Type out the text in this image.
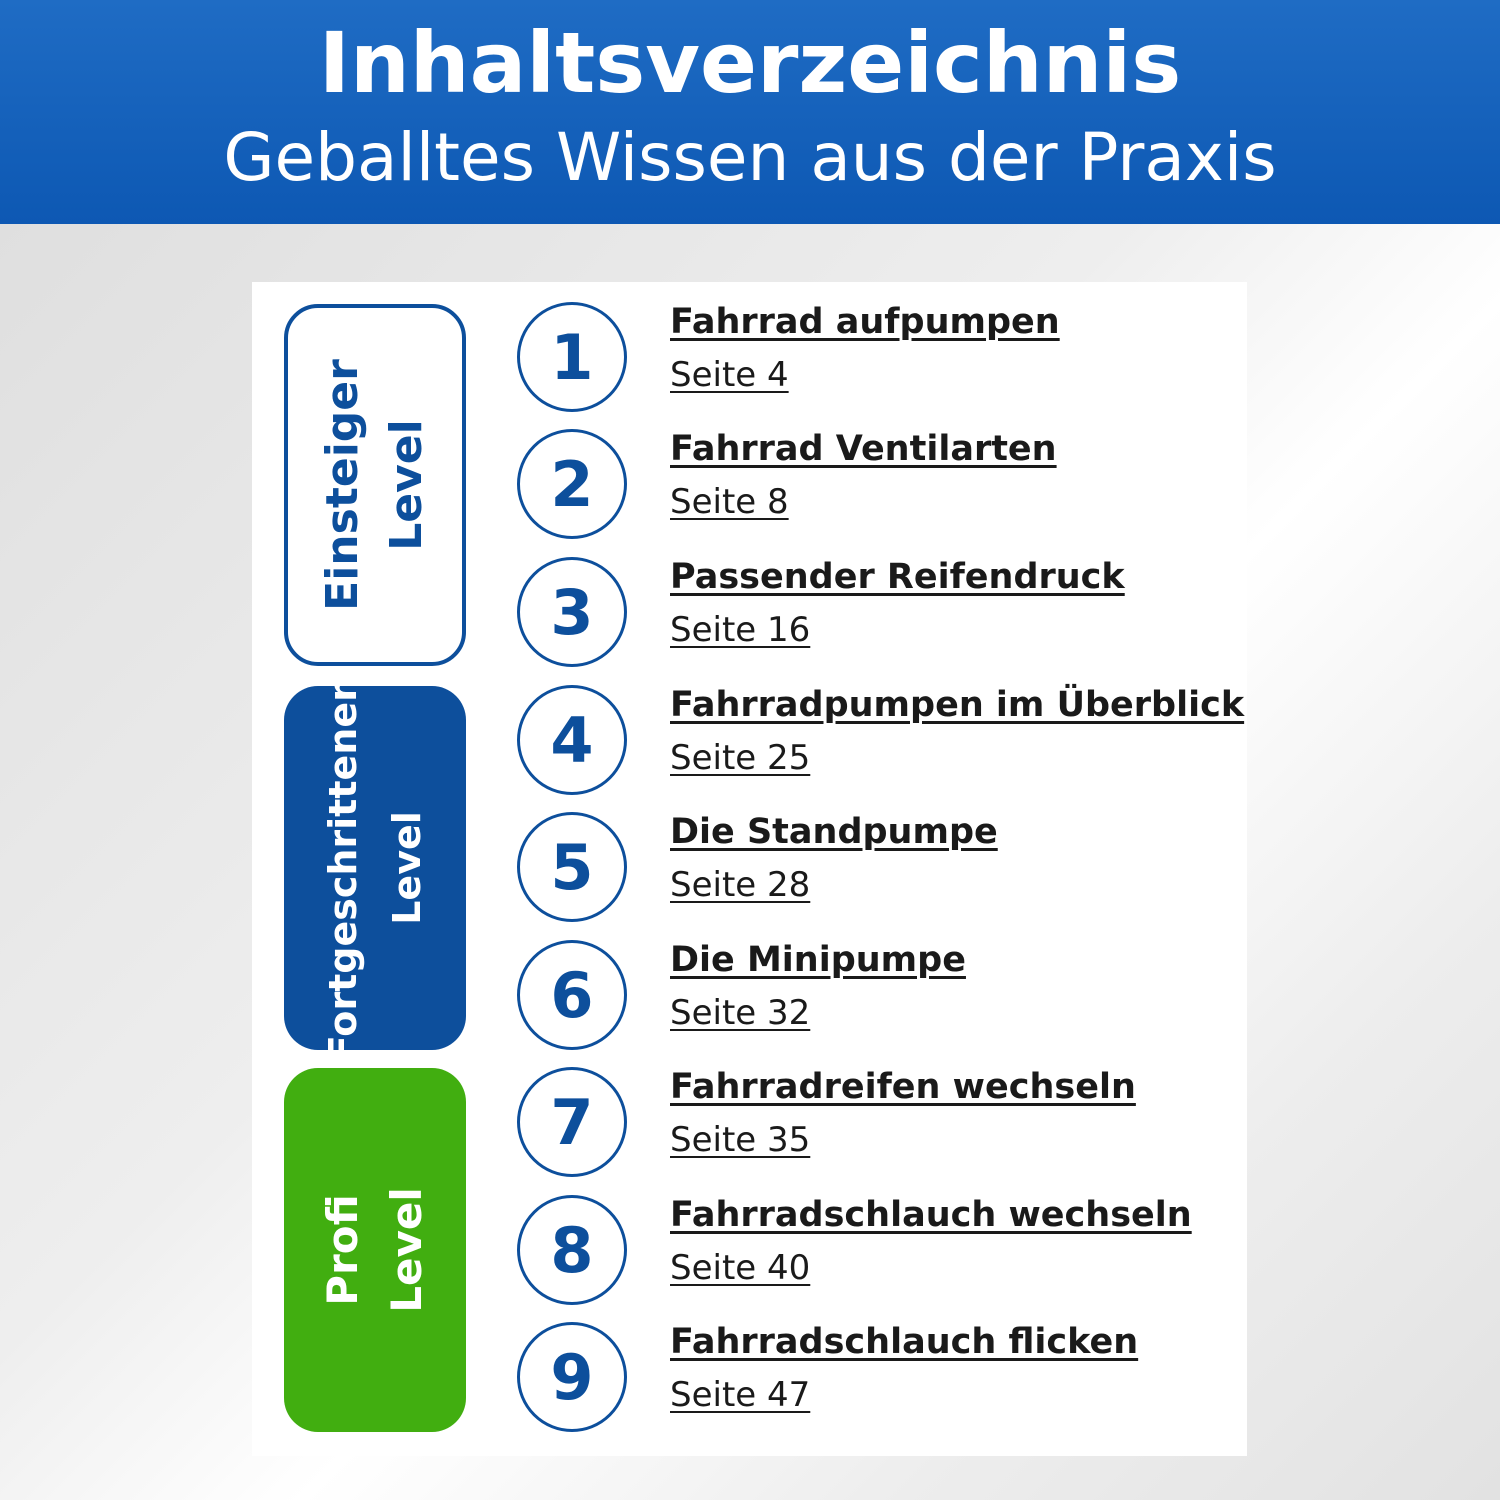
Inhaltsverzeichnis
Geballtes Wissen aus der Praxis
Einsteiger Level
Fortgeschrittenen Level
Profi Level
1	Fahrrad aufpumpen
Seite 4
2	Fahrrad Ventilarten
Seite 8
3	Passender Reifendruck
Seite 16
4	Fahrradpumpen im Überblick
Seite 25
5	Die Standpumpe
Seite 28
6	Die Minipumpe
Seite 32
7	Fahrradreifen wechseln
Seite 35
8	Fahrradschlauch wechseln
Seite 40
9	Fahrradschlauch flicken
Seite 47
